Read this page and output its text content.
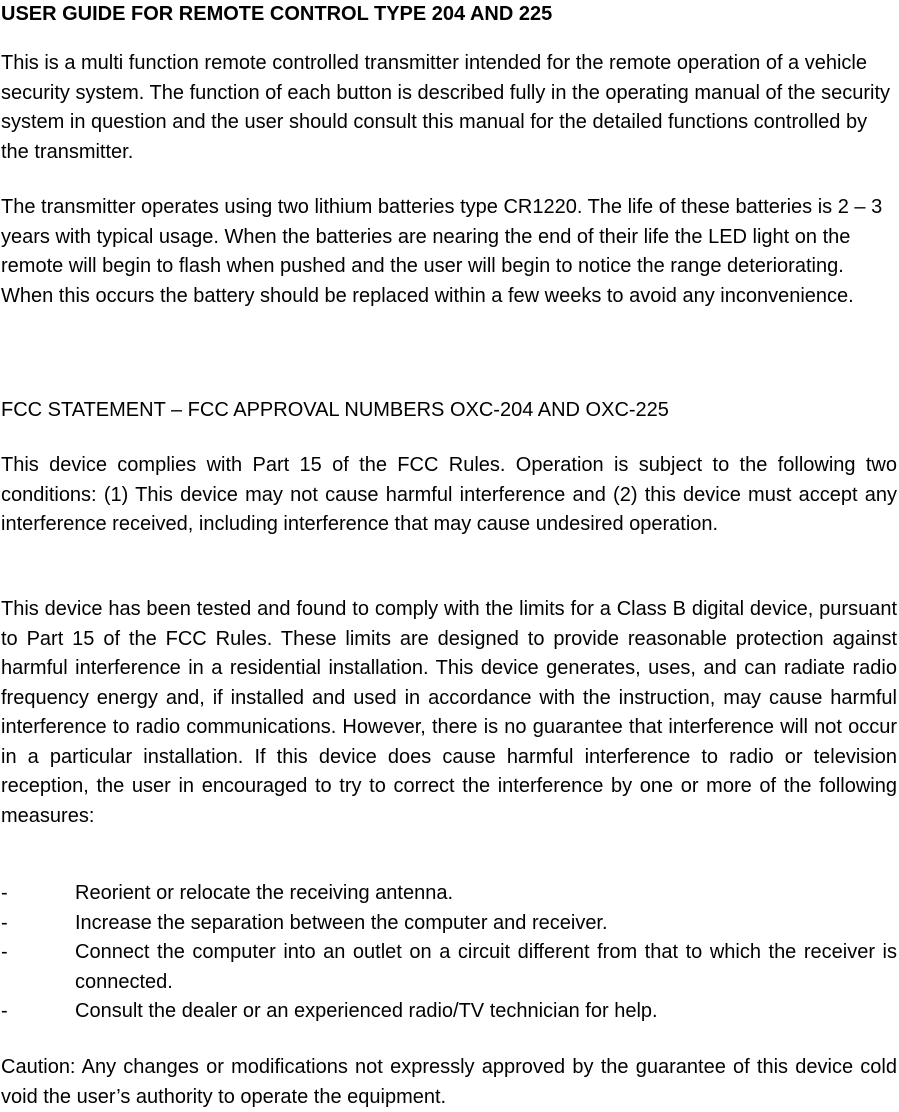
USER GUIDE FOR REMOTE CONTROL TYPE 204 AND 225

This is a multi function remote controlled transmitter intended for the remote operation of a vehicle security system. The function of each button is described fully in the operating manual of the security system in question and the user should consult this manual for the detailed functions controlled by the transmitter.

The transmitter operates using two lithium batteries type CR1220. The life of these batteries is 2 – 3 years with typical usage. When the batteries are nearing the end of their life the LED light on the remote will begin to flash when pushed and the user will begin to notice the range deteriorating. When this occurs the battery should be replaced within a few weeks to avoid any inconvenience.

FCC STATEMENT – FCC APPROVAL NUMBERS OXC-204 AND OXC-225

This device complies with Part 15 of the FCC Rules. Operation is subject to the following two conditions: (1) This device may not cause harmful interference and (2) this device must accept any interference received, including interference that may cause undesired operation.

This device has been tested and found to comply with the limits for a Class B digital device, pursuant to Part 15 of the FCC Rules. These limits are designed to provide reasonable protection against harmful interference in a residential installation. This device generates, uses, and can radiate radio frequency energy and, if installed and used in accordance with the instruction, may cause harmful interference to radio communications. However, there is no guarantee that interference will not occur in a particular installation. If this device does cause harmful interference to radio or television reception, the user in encouraged to try to correct the interference by one or more of the following measures:

-	Reorient or relocate the receiving antenna.
-	Increase the separation between the computer and receiver.
-	Connect the computer into an outlet on a circuit different from that to which the receiver is connected.
-	Consult the dealer or an experienced radio/TV technician for help.

Caution: Any changes or modifications not expressly approved by the guarantee of this device cold void the user’s authority to operate the equipment.
